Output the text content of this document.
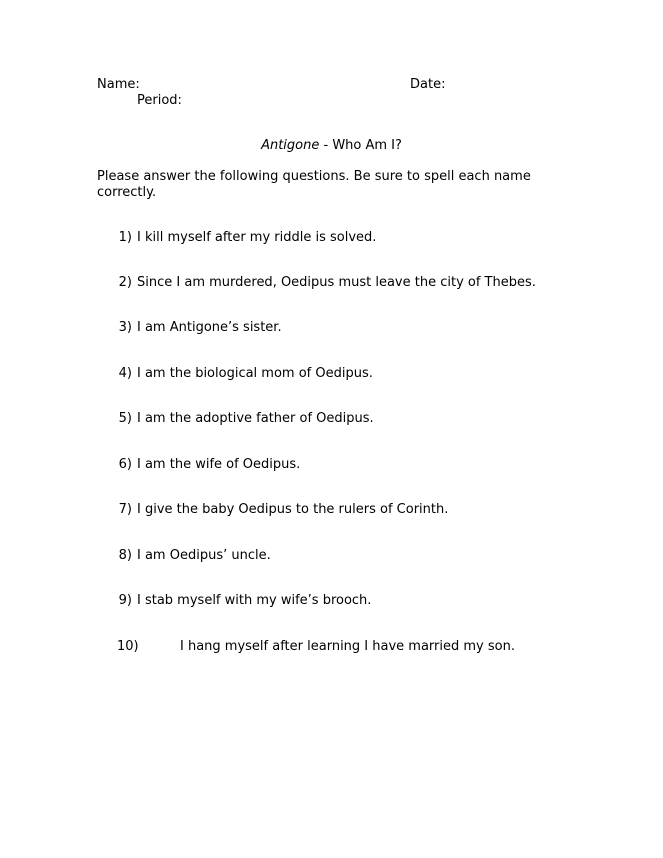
Name:	Date:
Period:
Antigone - Who Am I?
Please answer the following questions. Be sure to spell each name correctly.
1) I kill myself after my riddle is solved.
2) Since I am murdered, Oedipus must leave the city of Thebes.
3) I am Antigone’s sister.
4) I am the biological mom of Oedipus.
5) I am the adoptive father of Oedipus.
6) I am the wife of Oedipus.
7) I give the baby Oedipus to the rulers of Corinth.
8) I am Oedipus’ uncle.
9) I stab myself with my wife’s brooch.
10)	I hang myself after learning I have married my son.
